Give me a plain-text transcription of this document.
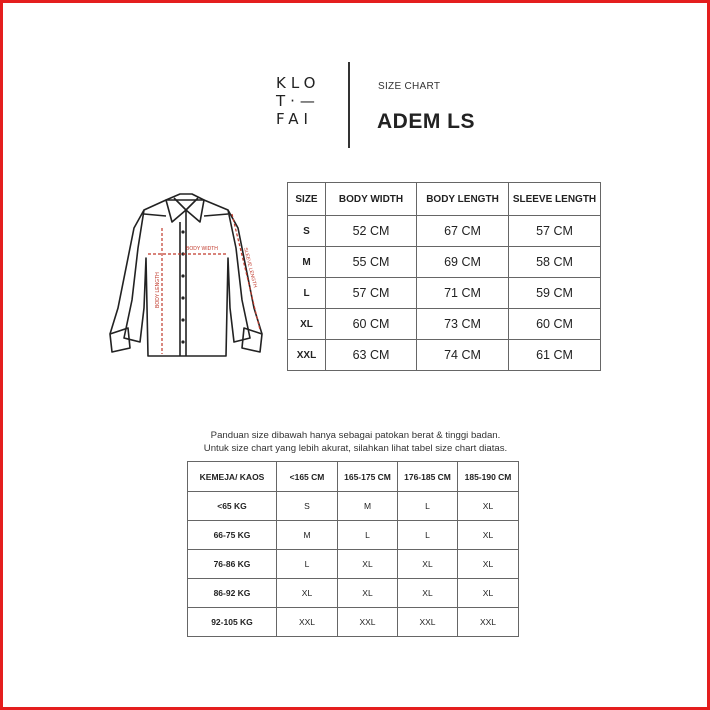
KLO
T·—
FAI
SIZE CHART
ADEM LS
BODY WIDTH
BODY LENGTH
SLEEVE LENGTH
SIZE	BODY WIDTH	BODY LENGTH	SLEEVE LENGTH
S	52 CM	67 CM	57 CM
M	55 CM	69 CM	58 CM
L	57 CM	71 CM	59 CM
XL	60 CM	73 CM	60 CM
XXL	63 CM	74 CM	61 CM
Panduan size dibawah hanya sebagai patokan berat & tinggi badan.
Untuk size chart yang lebih akurat, silahkan lihat tabel size chart diatas.
KEMEJA/ KAOS	<165 CM	165-175 CM	176-185 CM	185-190 CM
<65 KG	S	M	L	XL
66-75 KG	M	L	L	XL
76-86 KG	L	XL	XL	XL
86-92 KG	XL	XL	XL	XL
92-105 KG	XXL	XXL	XXL	XXL
